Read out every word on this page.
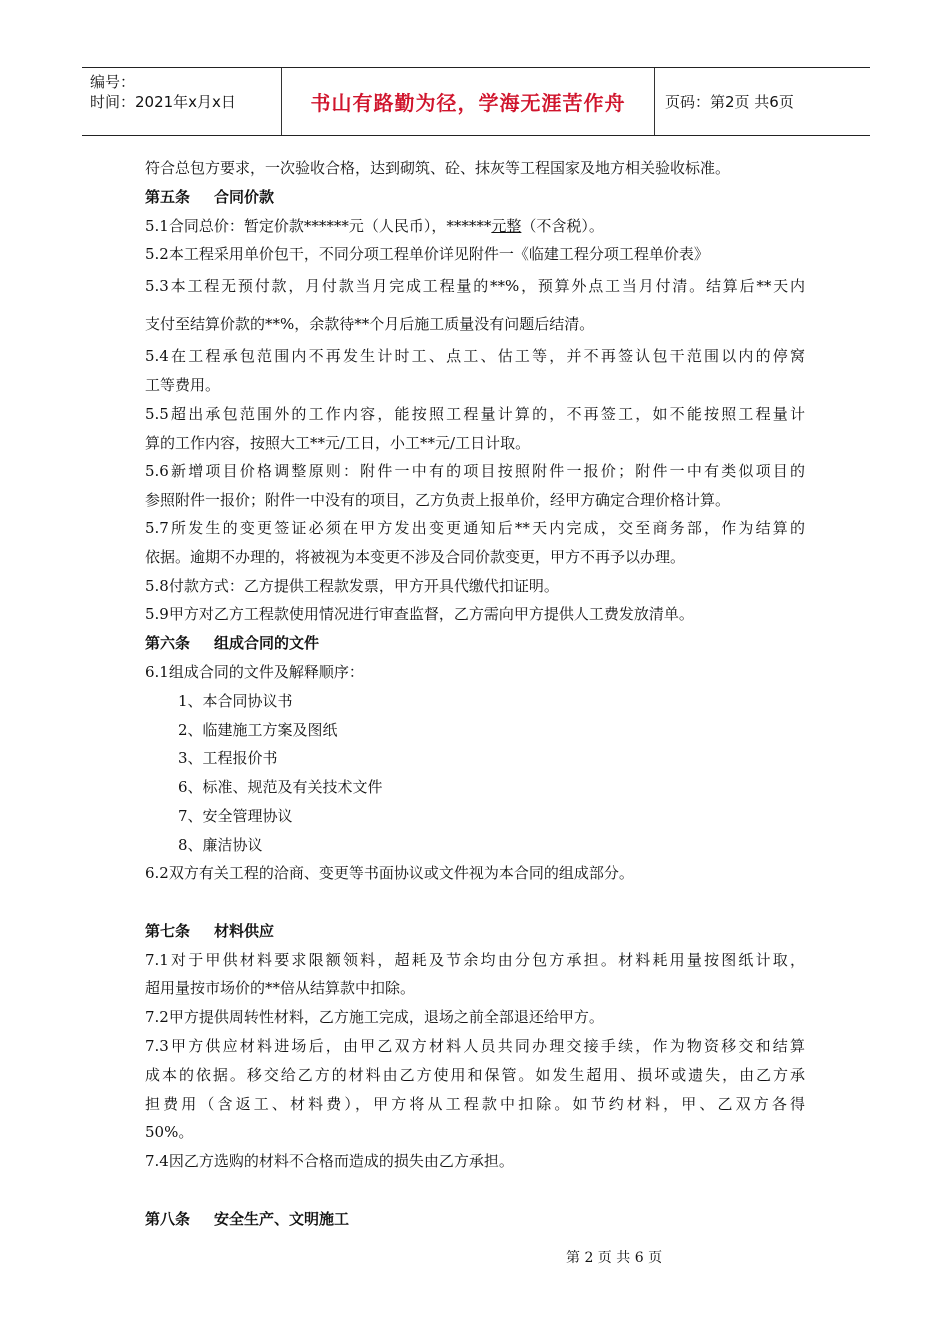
编号：
时间：2021年x月x日	书山有路勤为径，学海无涯苦作舟	页码：第2页 共6页
符合总包方要求，一次验收合格，达到砌筑、砼、抹灰等工程国家及地方相关验收标准。
第五条 合同价款
5.1合同总价：暂定价款******元（人民币），******元整（不含税）。
5.2本工程采用单价包干，不同分项工程单价详见附件一《临建工程分项工程单价表》
5.3本工程无预付款，月付款当月完成工程量的**%，预算外点工当月付清。结算后**天内
支付至结算价款的**%，余款待**个月后施工质量没有问题后结清。
5.4在工程承包范围内不再发生计时工、点工、估工等，并不再签认包干范围以内的停窝
工等费用。
5.5超出承包范围外的工作内容，能按照工程量计算的，不再签工，如不能按照工程量计
算的工作内容，按照大工**元/工日，小工**元/工日计取。
5.6新增项目价格调整原则：附件一中有的项目按照附件一报价；附件一中有类似项目的
参照附件一报价；附件一中没有的项目，乙方负责上报单价，经甲方确定合理价格计算。
5.7所发生的变更签证必须在甲方发出变更通知后**天内完成，交至商务部，作为结算的
依据。逾期不办理的，将被视为本变更不涉及合同价款变更，甲方不再予以办理。
5.8付款方式：乙方提供工程款发票，甲方开具代缴代扣证明。
5.9甲方对乙方工程款使用情况进行审查监督，乙方需向甲方提供人工费发放清单。
第六条 组成合同的文件
6.1组成合同的文件及解释顺序：
1、本合同协议书
2、临建施工方案及图纸
3、工程报价书
6、标准、规范及有关技术文件
7、安全管理协议
8、廉洁协议
6.2双方有关工程的洽商、变更等书面协议或文件视为本合同的组成部分。
第七条 材料供应
7.1对于甲供材料要求限额领料，超耗及节余均由分包方承担。材料耗用量按图纸计取，
超用量按市场价的**倍从结算款中扣除。
7.2甲方提供周转性材料，乙方施工完成，退场之前全部退还给甲方。
7.3甲方供应材料进场后，由甲乙双方材料人员共同办理交接手续，作为物资移交和结算
成本的依据。移交给乙方的材料由乙方使用和保管。如发生超用、损坏或遗失，由乙方承
担费用（含返工、材料费），甲方将从工程款中扣除。如节约材料，甲、乙双方各得
50%。
7.4因乙方选购的材料不合格而造成的损失由乙方承担。
第八条 安全生产、文明施工
第 2 页 共 6 页
